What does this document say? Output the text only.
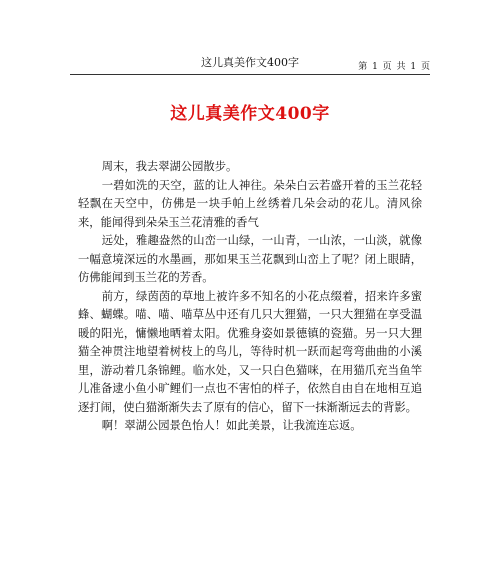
这儿真美作文400字	第 1 页 共 1 页
这儿真美作文400字

周末，我去翠湖公园散步。

一碧如洗的天空，蓝的让人神往。朵朵白云若盛开着的玉兰花轻轻飘在天空中，仿佛是一块手帕上丝绣着几朵会动的花儿。清风徐来，能闻得到朵朵玉兰花清雅的香气

远处，雅趣盎然的山峦一山绿，一山青，一山浓，一山淡，就像一幅意境深远的水墨画，那如果玉兰花飘到山峦上了呢？闭上眼睛，仿佛能闻到玉兰花的芳香。

前方，绿茵茵的草地上被许多不知名的小花点缀着，招来许多蜜蜂、蝴蝶。喵、喵、喵草丛中还有几只大狸猫，一只大狸猫在享受温暖的阳光，慵懒地晒着太阳。优雅身姿如景德镇的瓷猫。另一只大狸猫全神贯注地望着树枝上的鸟儿，等待时机一跃而起弯弯曲曲的小溪里，游动着几条锦鲤。临水处，又一只白色猫咪，在用猫爪充当鱼竿儿准备逮小鱼小旷鲤们一点也不害怕的样子，依然自由自在地相互追逐打闹，使白猫渐渐失去了原有的信心，留下一抹渐渐远去的背影。

啊！翠湖公园景色怡人！如此美景，让我流连忘返。
